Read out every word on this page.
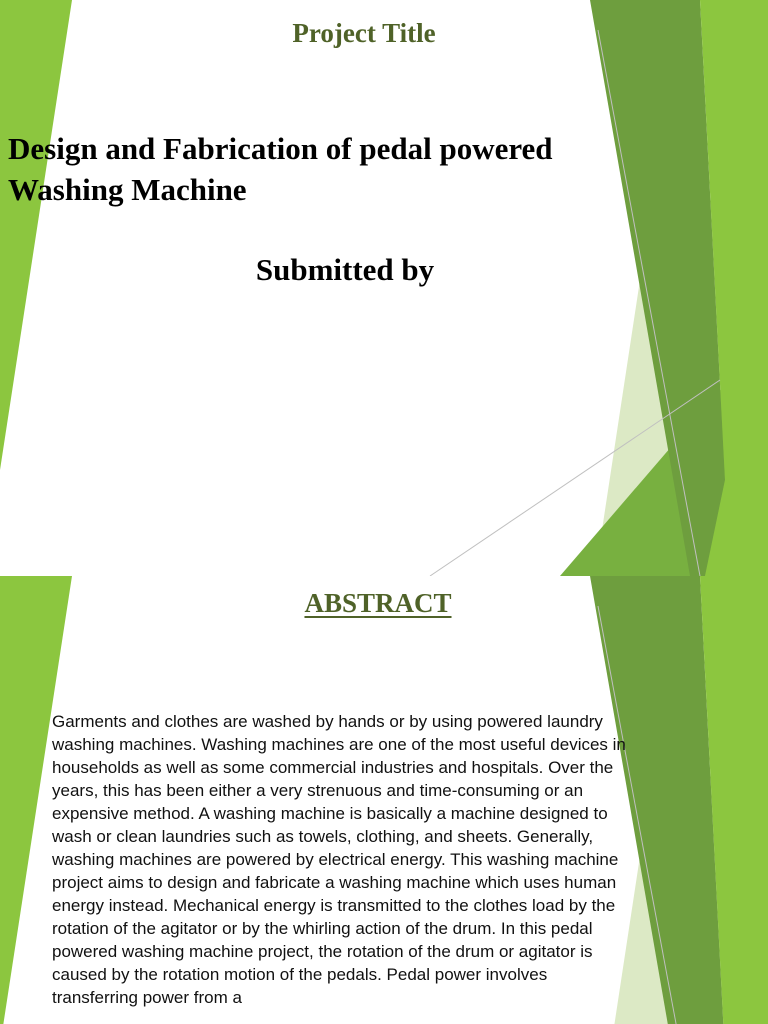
Project Title
Design and Fabrication of pedal powered Washing Machine
Submitted by
ABSTRACT

Garments and clothes are washed by hands or by using powered laundry washing machines. Washing machines are one of the most useful devices in households as well as some commercial industries and hospitals. Over the years, this has been either a very strenuous and time-consuming or an expensive method. A washing machine is basically a machine designed to wash or clean laundries such as towels, clothing, and sheets. Generally, washing machines are powered by electrical energy. This washing machine project aims to design and fabricate a washing machine which uses human energy instead. Mechanical energy is transmitted to the clothes load by the rotation of the agitator or by the whirling action of the drum. In this pedal powered washing machine project, the rotation of the drum or agitator is caused by the rotation motion of the pedals. Pedal power involves transferring power from a
